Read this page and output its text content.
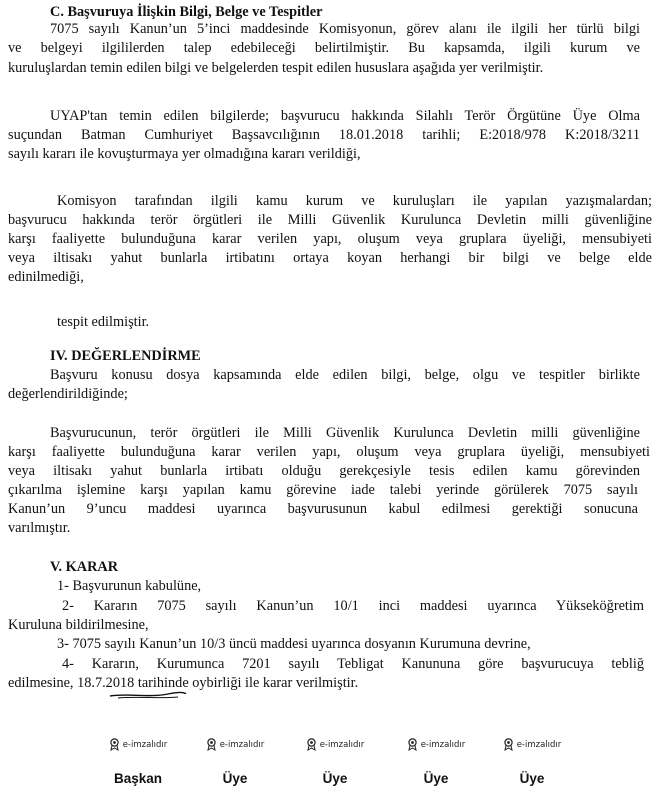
C. Başvuruya İlişkin Bilgi, Belge ve Tespitler
7075 sayılı Kanun’un 5’inci maddesinde Komisyonun, görev alanı ile ilgili her türlü bilgi
ve belgeyi ilgililerden talep edebileceği belirtilmiştir. Bu kapsamda, ilgili kurum ve
kuruluşlardan temin edilen bilgi ve belgelerden tespit edilen hususlara aşağıda yer verilmiştir.
UYAP'tan temin edilen bilgilerde; başvurucu hakkında Silahlı Terör Örgütüne Üye Olma
suçundan Batman Cumhuriyet Başsavcılığının 18.01.2018 tarihli; E:2018/978 K:2018/3211
sayılı kararı ile kovuşturmaya yer olmadığına kararı verildiği,
Komisyon tarafından ilgili kamu kurum ve kuruluşları ile yapılan yazışmalardan;
başvurucu hakkında terör örgütleri ile Milli Güvenlik Kurulunca Devletin milli güvenliğine
karşı faaliyette bulunduğuna karar verilen yapı, oluşum veya gruplara üyeliği, mensubiyeti
veya iltisakı yahut bunlarla irtibatını ortaya koyan herhangi bir bilgi ve belge elde
edinilmediği,
tespit edilmiştir.
IV. DEĞERLENDİRME
Başvuru konusu dosya kapsamında elde edilen bilgi, belge, olgu ve tespitler birlikte
değerlendirildiğinde;
Başvurucunun, terör örgütleri ile Milli Güvenlik Kurulunca Devletin milli güvenliğine
karşı faaliyette bulunduğuna karar verilen yapı, oluşum veya gruplara üyeliği, mensubiyeti
veya iltisakı yahut bunlarla irtibatı olduğu gerekçesiyle tesis edilen kamu görevinden
çıkarılma işlemine karşı yapılan kamu görevine iade talebi yerinde görülerek 7075 sayılı
Kanun’un 9’uncu maddesi uyarınca başvurusunun kabul edilmesi gerektiği sonucuna
varılmıştır.
V. KARAR
1- Başvurunun kabulüne,
2- Kararın 7075 sayılı Kanun’un 10/1 inci maddesi uyarınca Yükseköğretim
Kuruluna bildirilmesine,
3- 7075 sayılı Kanun’un 10/3 üncü maddesi uyarınca dosyanın Kurumuna devrine,
4- Kararın, Kurumunca 7201 sayılı Tebligat Kanununa göre başvurucuya tebliğ
edilmesine, 18.7.2018 tarihinde oybirliği ile karar verilmiştir.
e-imzalıdır
Başkan
e-imzalıdır
Üye
e-imzalıdır
Üye
e-imzalıdır
Üye
e-imzalıdır
Üye
